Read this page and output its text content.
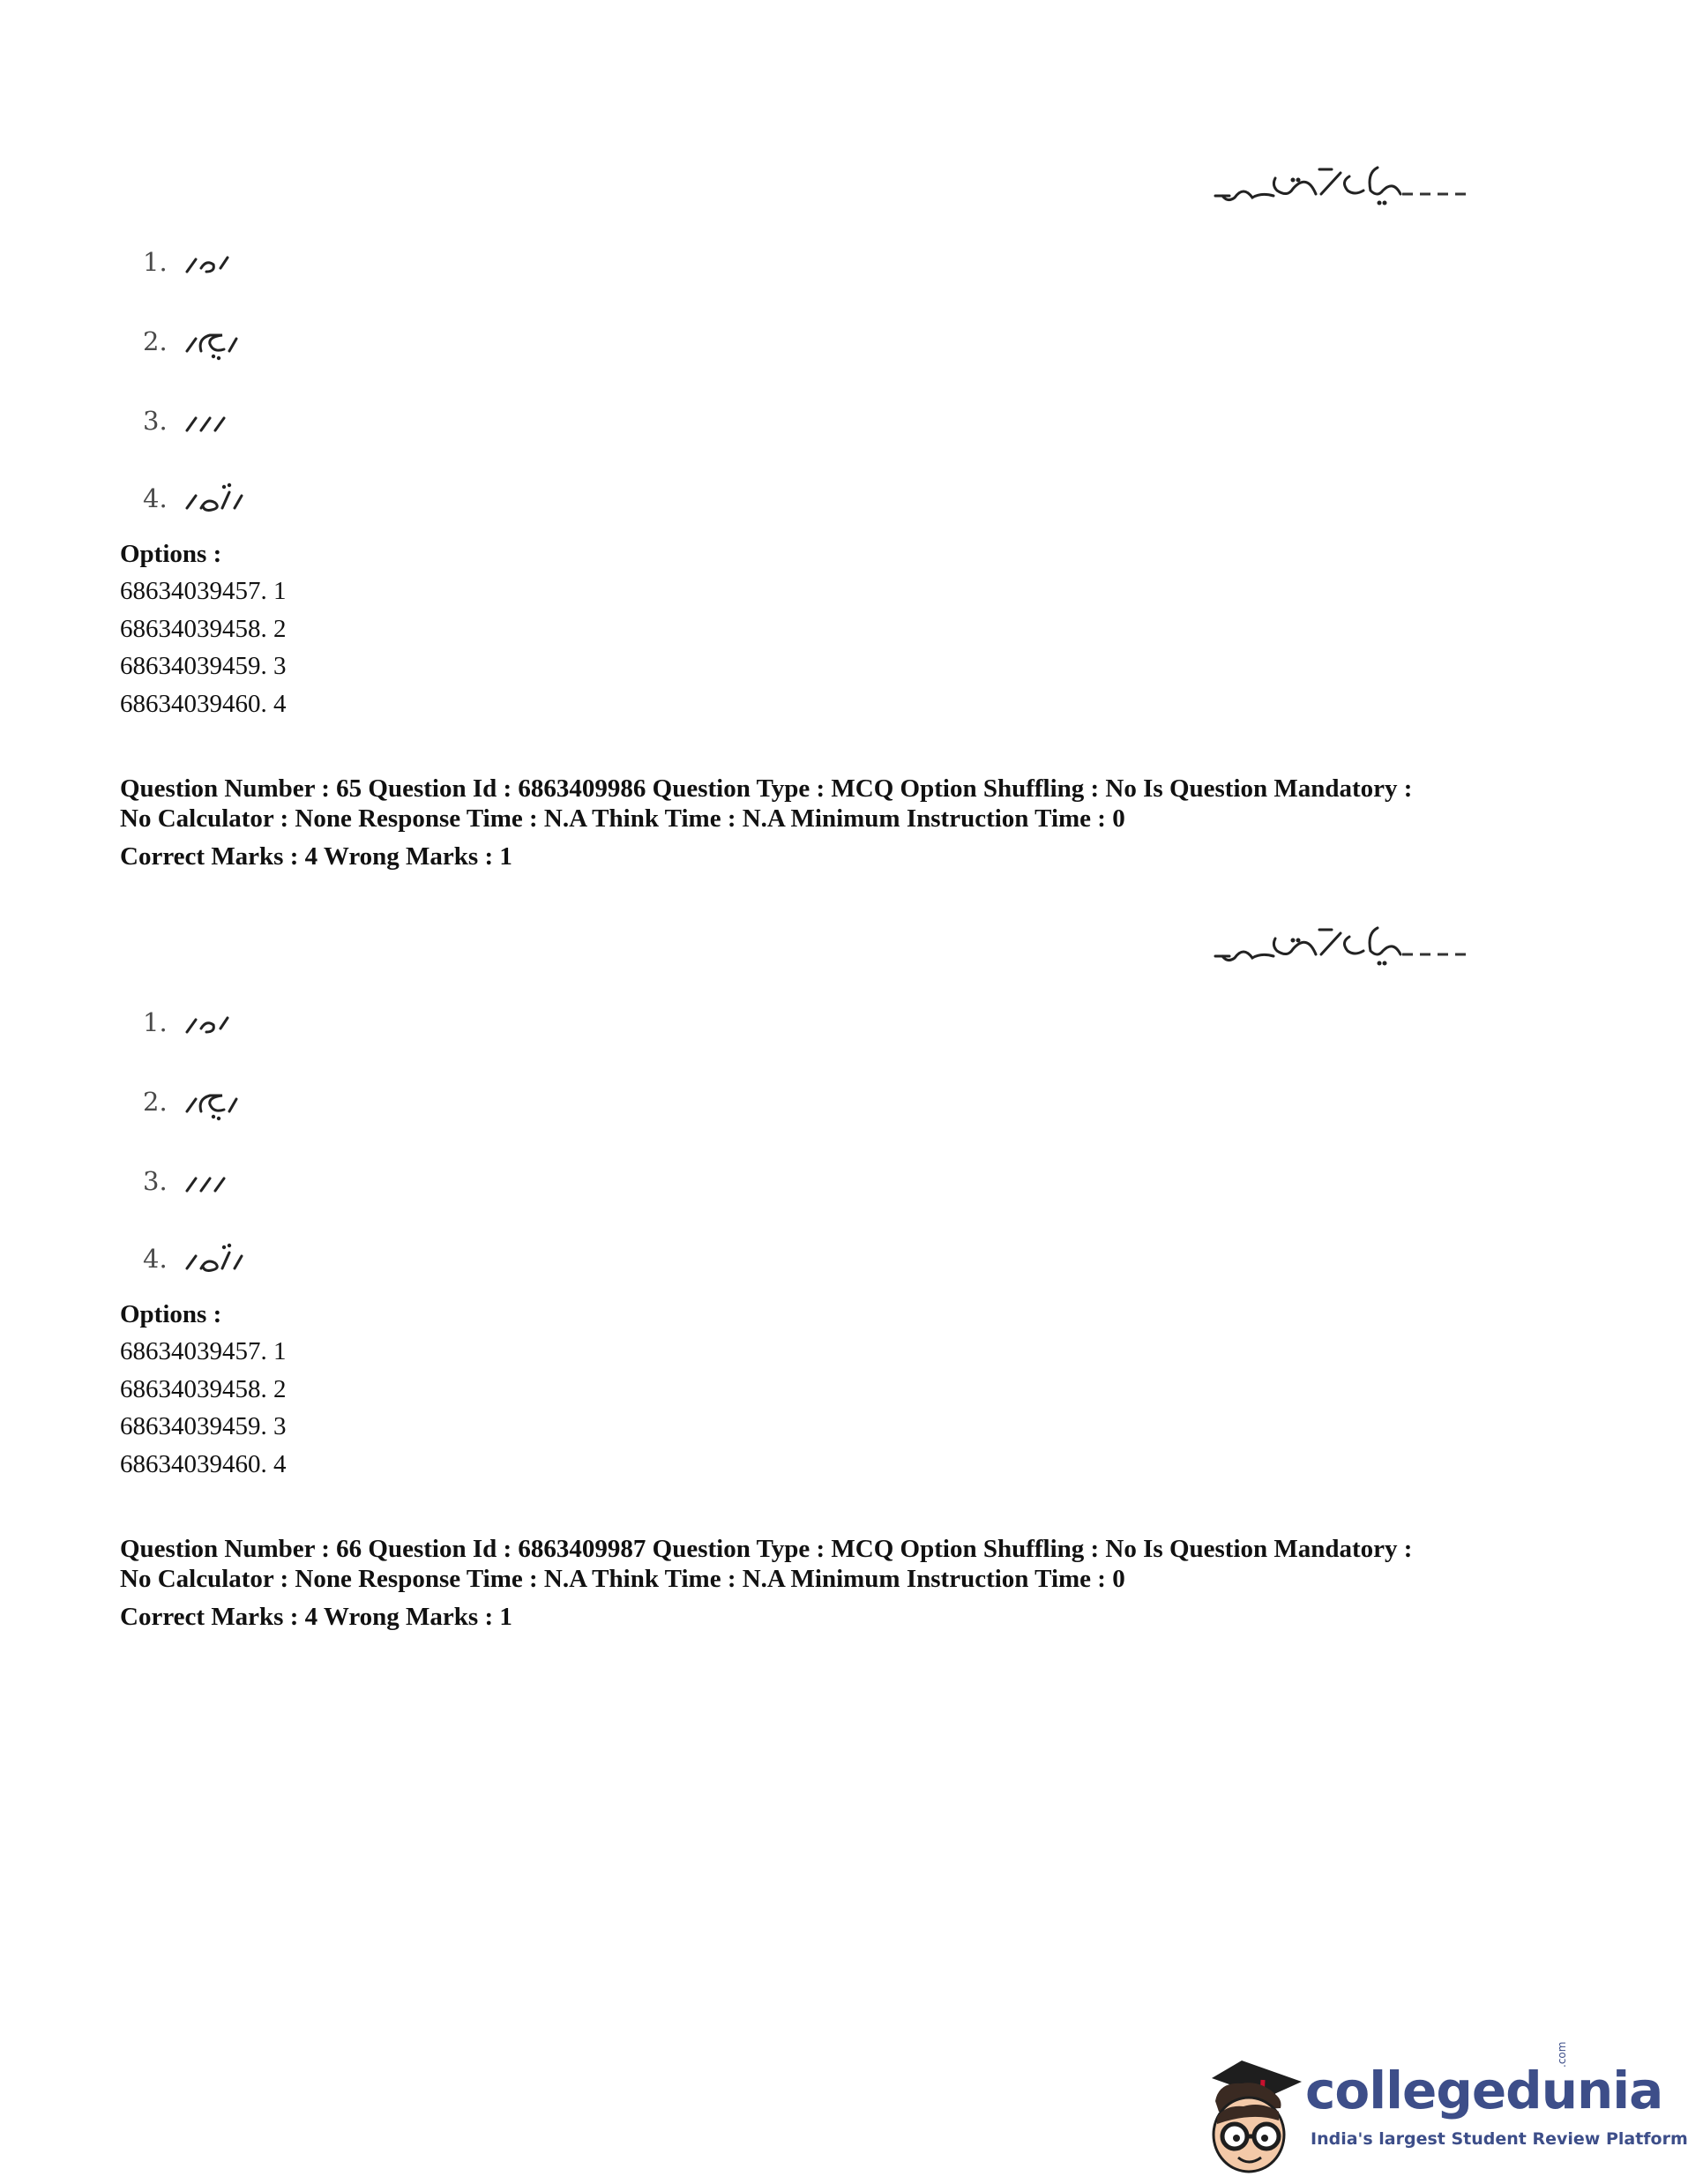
1.
2.
3.
4.
Options :
68634039457. 1
68634039458. 2
68634039459. 3
68634039460. 4
Question Number : 65 Question Id : 6863409986 Question Type : MCQ Option Shuffling : No Is Question Mandatory :
No Calculator : None Response Time : N.A Think Time : N.A Minimum Instruction Time : 0
Correct Marks : 4 Wrong Marks : 1
1.
2.
3.
4.
Options :
68634039457. 1
68634039458. 2
68634039459. 3
68634039460. 4
Question Number : 66 Question Id : 6863409987 Question Type : MCQ Option Shuffling : No Is Question Mandatory :
No Calculator : None Response Time : N.A Think Time : N.A Minimum Instruction Time : 0
Correct Marks : 4 Wrong Marks : 1
collegedunia
.com
India's largest Student Review Platform
